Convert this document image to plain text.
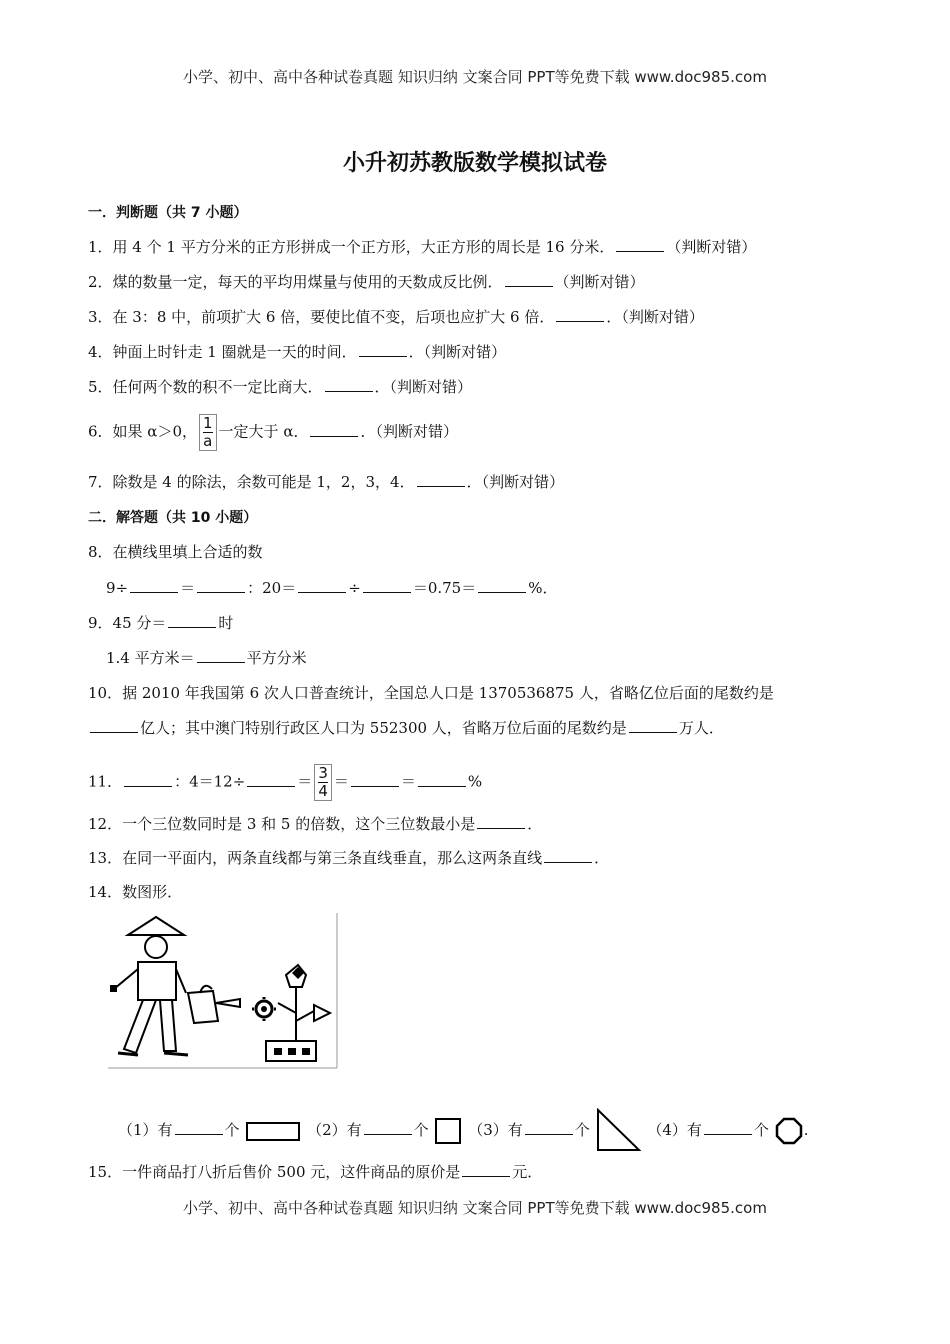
小学、初中、高中各种试卷真题 知识归纳 文案合同 PPT等免费下载 www.doc985.com
小升初苏教版数学模拟试卷
一．判断题（共 7 小题）
1．用 4 个 1 平方分米的正方形拼成一个正方形，大正方形的周长是 16 分米．	（判断对错）
2．煤的数量一定，每天的平均用煤量与使用的天数成反比例．	（判断对错）
3．在 3：8 中，前项扩大 6 倍，要使比值不变，后项也应扩大 6 倍．	．（判断对错）
4．钟面上时针走 1 圈就是一天的时间．	．（判断对错）
5．任何两个数的积不一定比商大．	．（判断对错）
6．如果 α＞0， $\frac{1}{a}$ 一定大于 α．	．（判断对错）
7．除数是 4 的除法，余数可能是 1，2，3，4．	．（判断对错）
二．解答题（共 10 小题）
8．在横线里填上合适的数
9÷	＝	：20＝	÷	＝0.75＝	%．
9．45 分＝	时
1.4 平方米＝	平方分米
10．据 2010 年我国第 6 次人口普查统计，全国总人口是 1370536875 人，省略亿位后面的尾数约是
亿人；其中澳门特别行政区人口为 552300 人，省略万位后面的尾数约是	万人．
11．	：4＝12÷	＝ $\frac{3}{4}$ ＝	＝	%
12．一个三位数同时是 3 和 5 的倍数，这个三位数最小是	．
13．在同一平面内，两条直线都与第三条直线垂直，那么这两条直线	．
14．数图形．
（1）有	个	（2）有	个	（3）有	个	（4）有	个 .
15．一件商品打八折后售价 500 元，这件商品的原价是	元．
小学、初中、高中各种试卷真题 知识归纳 文案合同 PPT等免费下载 www.doc985.com
